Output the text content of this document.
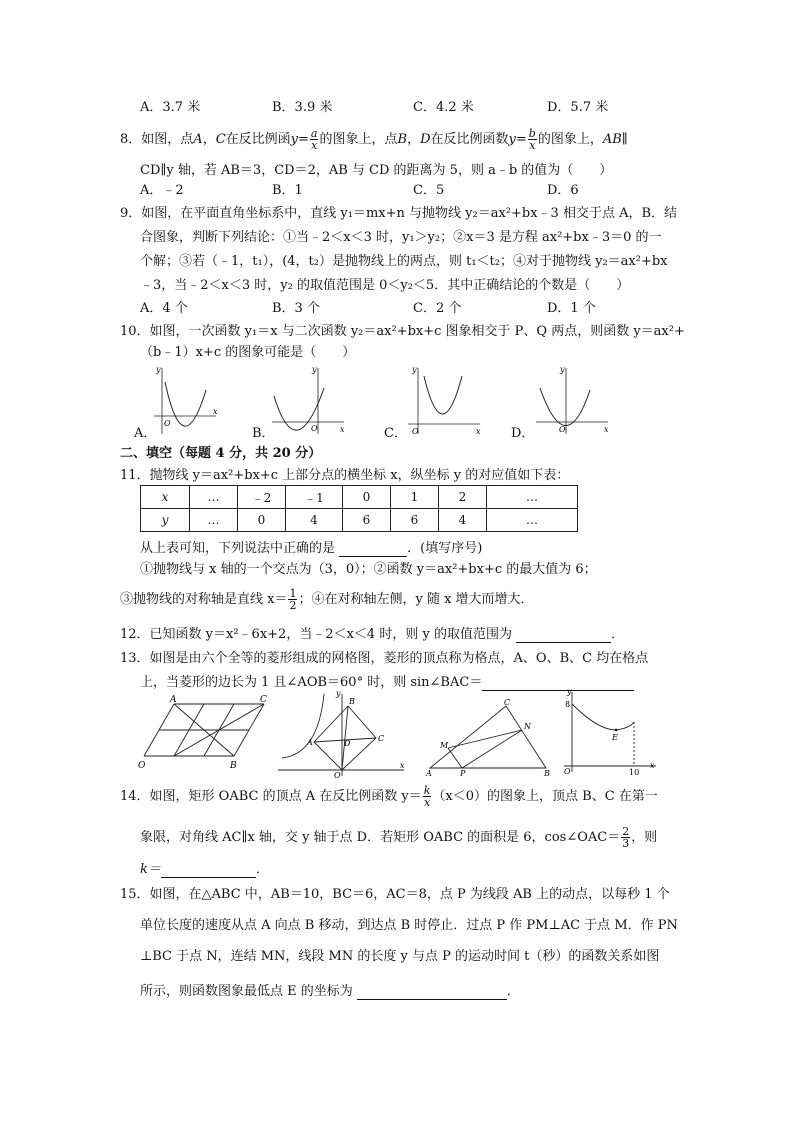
A．3.7 米	B．3.9 米	C．4.2 米	D．5.7 米
8．如图，点A，C在反比例函$y= \frac{a}{x}$ 的图象上，点B，D在反比例函数$y= \frac{b}{x}$ 的图象上，AB∥
CD∥y 轴，若 AB＝3，CD＝2，AB 与 CD 的距离为 5，则 a﹣b 的值为（　　）
A．﹣2	B．1	C．5	D．6
9．如图，在平面直角坐标系中，直线 y₁＝mx+n 与抛物线 y₂＝ax²+bx﹣3 相交于点 A，B．结
合图象，判断下列结论：①当﹣2＜x＜3 时，y₁＞y₂；②x＝3 是方程 ax²+bx﹣3＝0 的一
个解；③若（﹣1，t₁），(4，t₂）是抛物线上的两点，则 t₁＜t₂；④对于抛物线 y₂＝ax²+bx
﹣3，当﹣2＜x＜3 时，y₂ 的取值范围是 0＜y₂＜5．其中正确结论的个数是（　　）
A．4 个	B．3 个	C．2 个	D．1 个
10．如图，一次函数 y₁＝x 与二次函数 y₂＝ax²+bx+c 图象相交于 P、Q 两点，则函数 y＝ax²+
（b﹣1）x+c 的图象可能是（　　）
A．	B．	C．	D．
y
x
O
y
x
O
y
x
O
y
x
O
二、填空（每题 4 分，共 20 分）
11．抛物线 y＝ax²+bx+c 上部分点的横坐标 x，纵坐标 y 的对应值如下表：
x	…	﹣2	﹣1	0	1	2	…
y	…	0	4	6	6	4	…
从上表可知，下列说法中正确的是	．(填写序号)
①抛物线与 x 轴的一个交点为（3，0）；②函数 y＝ax²+bx+c 的最大值为 6；
③抛物线的对称轴是直线 $x= \frac{1}{2}$ ；④在对称轴左侧，y 随 x 增大而增大．
12．已知函数 y＝x²﹣6x+2，当﹣2＜x＜4 时，则 y 的取值范围为	．
13．如图是由六个全等的菱形组成的网格图，菱形的顶点称为格点，A、O、B、C 均在格点
上，当菱形的边长为 1 且∠AOB＝60° 时，则 sin∠BAC＝
A	C
O	B
y
x
O
A
B
C
D
A	B
C
M
N
P
y
x
O
8
10
E
14．如图，矩形 OABC 的顶点 A 在反比例函数 $y= \frac{k}{x} (x<0)$的图象上，顶点 B、C 在第一
象限，对角线 AC∥x 轴，交 y 轴于点 D．若矩形 OABC 的面积是 6，cos∠OAC＝ $\frac{2}{3}$ ，则
k＝	．
15．如图，在△ABC 中，AB＝10，BC＝6，AC＝8，点 P 为线段 AB 上的动点，以每秒 1 个
单位长度的速度从点 A 向点 B 移动，到达点 B 时停止．过点 P 作 PM⊥AC 于点 M．作 PN
⊥BC 于点 N，连结 MN，线段 MN 的长度 y 与点 P 的运动时间 t（秒）的函数关系如图
所示，则函数图象最低点 E 的坐标为	．
